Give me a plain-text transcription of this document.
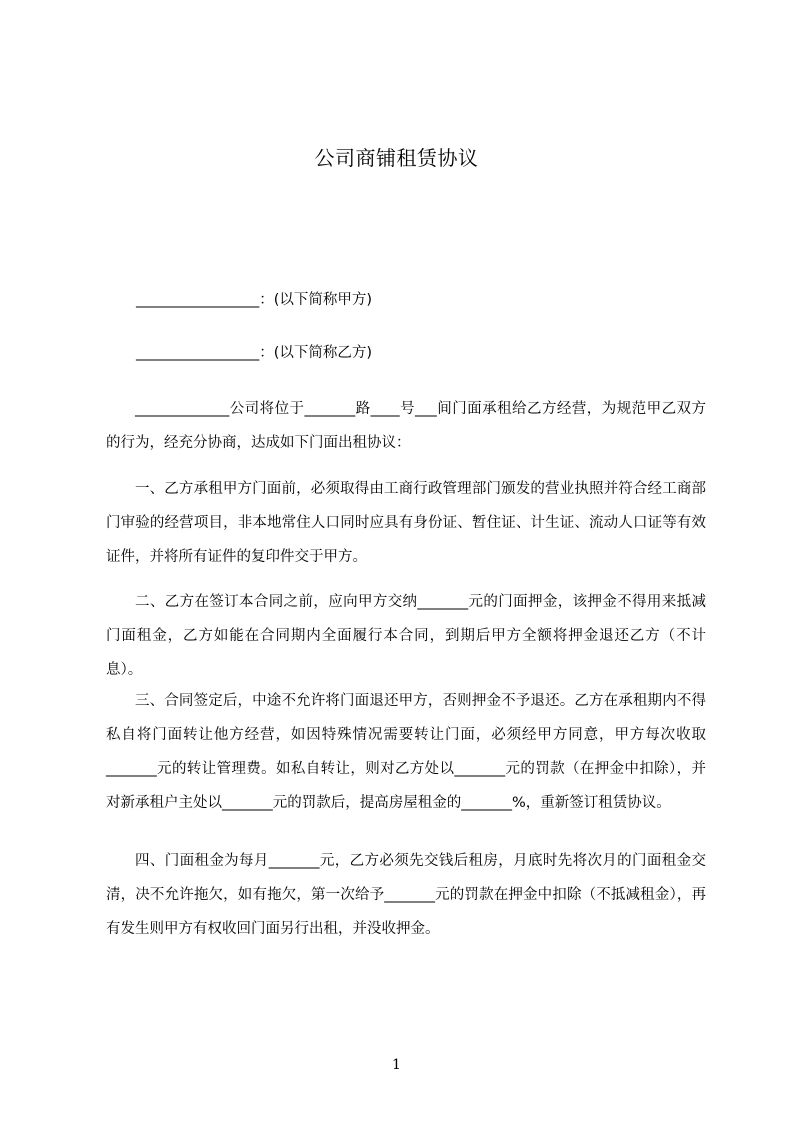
公司商铺租赁协议
_________________：(以下简称甲方)
_________________：(以下简称乙方)
_____________公司将位于_______路____号___间门面承租给乙方经营，为规范甲乙双方的行为，经充分协商，达成如下门面出租协议：
一、乙方承租甲方门面前，必须取得由工商行政管理部门颁发的营业执照并符合经工商部门审验的经营项目，非本地常住人口同时应具有身份证、暂住证、计生证、流动人口证等有效证件，并将所有证件的复印件交于甲方。
二、乙方在签订本合同之前，应向甲方交纳_______元的门面押金，该押金不得用来抵减门面租金，乙方如能在合同期内全面履行本合同，到期后甲方全额将押金退还乙方（不计息）。
三、合同签定后，中途不允许将门面退还甲方，否则押金不予退还。乙方在承租期内不得私自将门面转让他方经营，如因特殊情况需要转让门面，必须经甲方同意，甲方每次收取_______元的转让管理费。如私自转让，则对乙方处以_______元的罚款（在押金中扣除），并对新承租户主处以_______元的罚款后，提高房屋租金的_______%，重新签订租赁协议。
四、门面租金为每月_______元，乙方必须先交钱后租房，月底时先将次月的门面租金交清，决不允许拖欠，如有拖欠，第一次给予_______元的罚款在押金中扣除（不抵减租金），再有发生则甲方有权收回门面另行出租，并没收押金。
1
